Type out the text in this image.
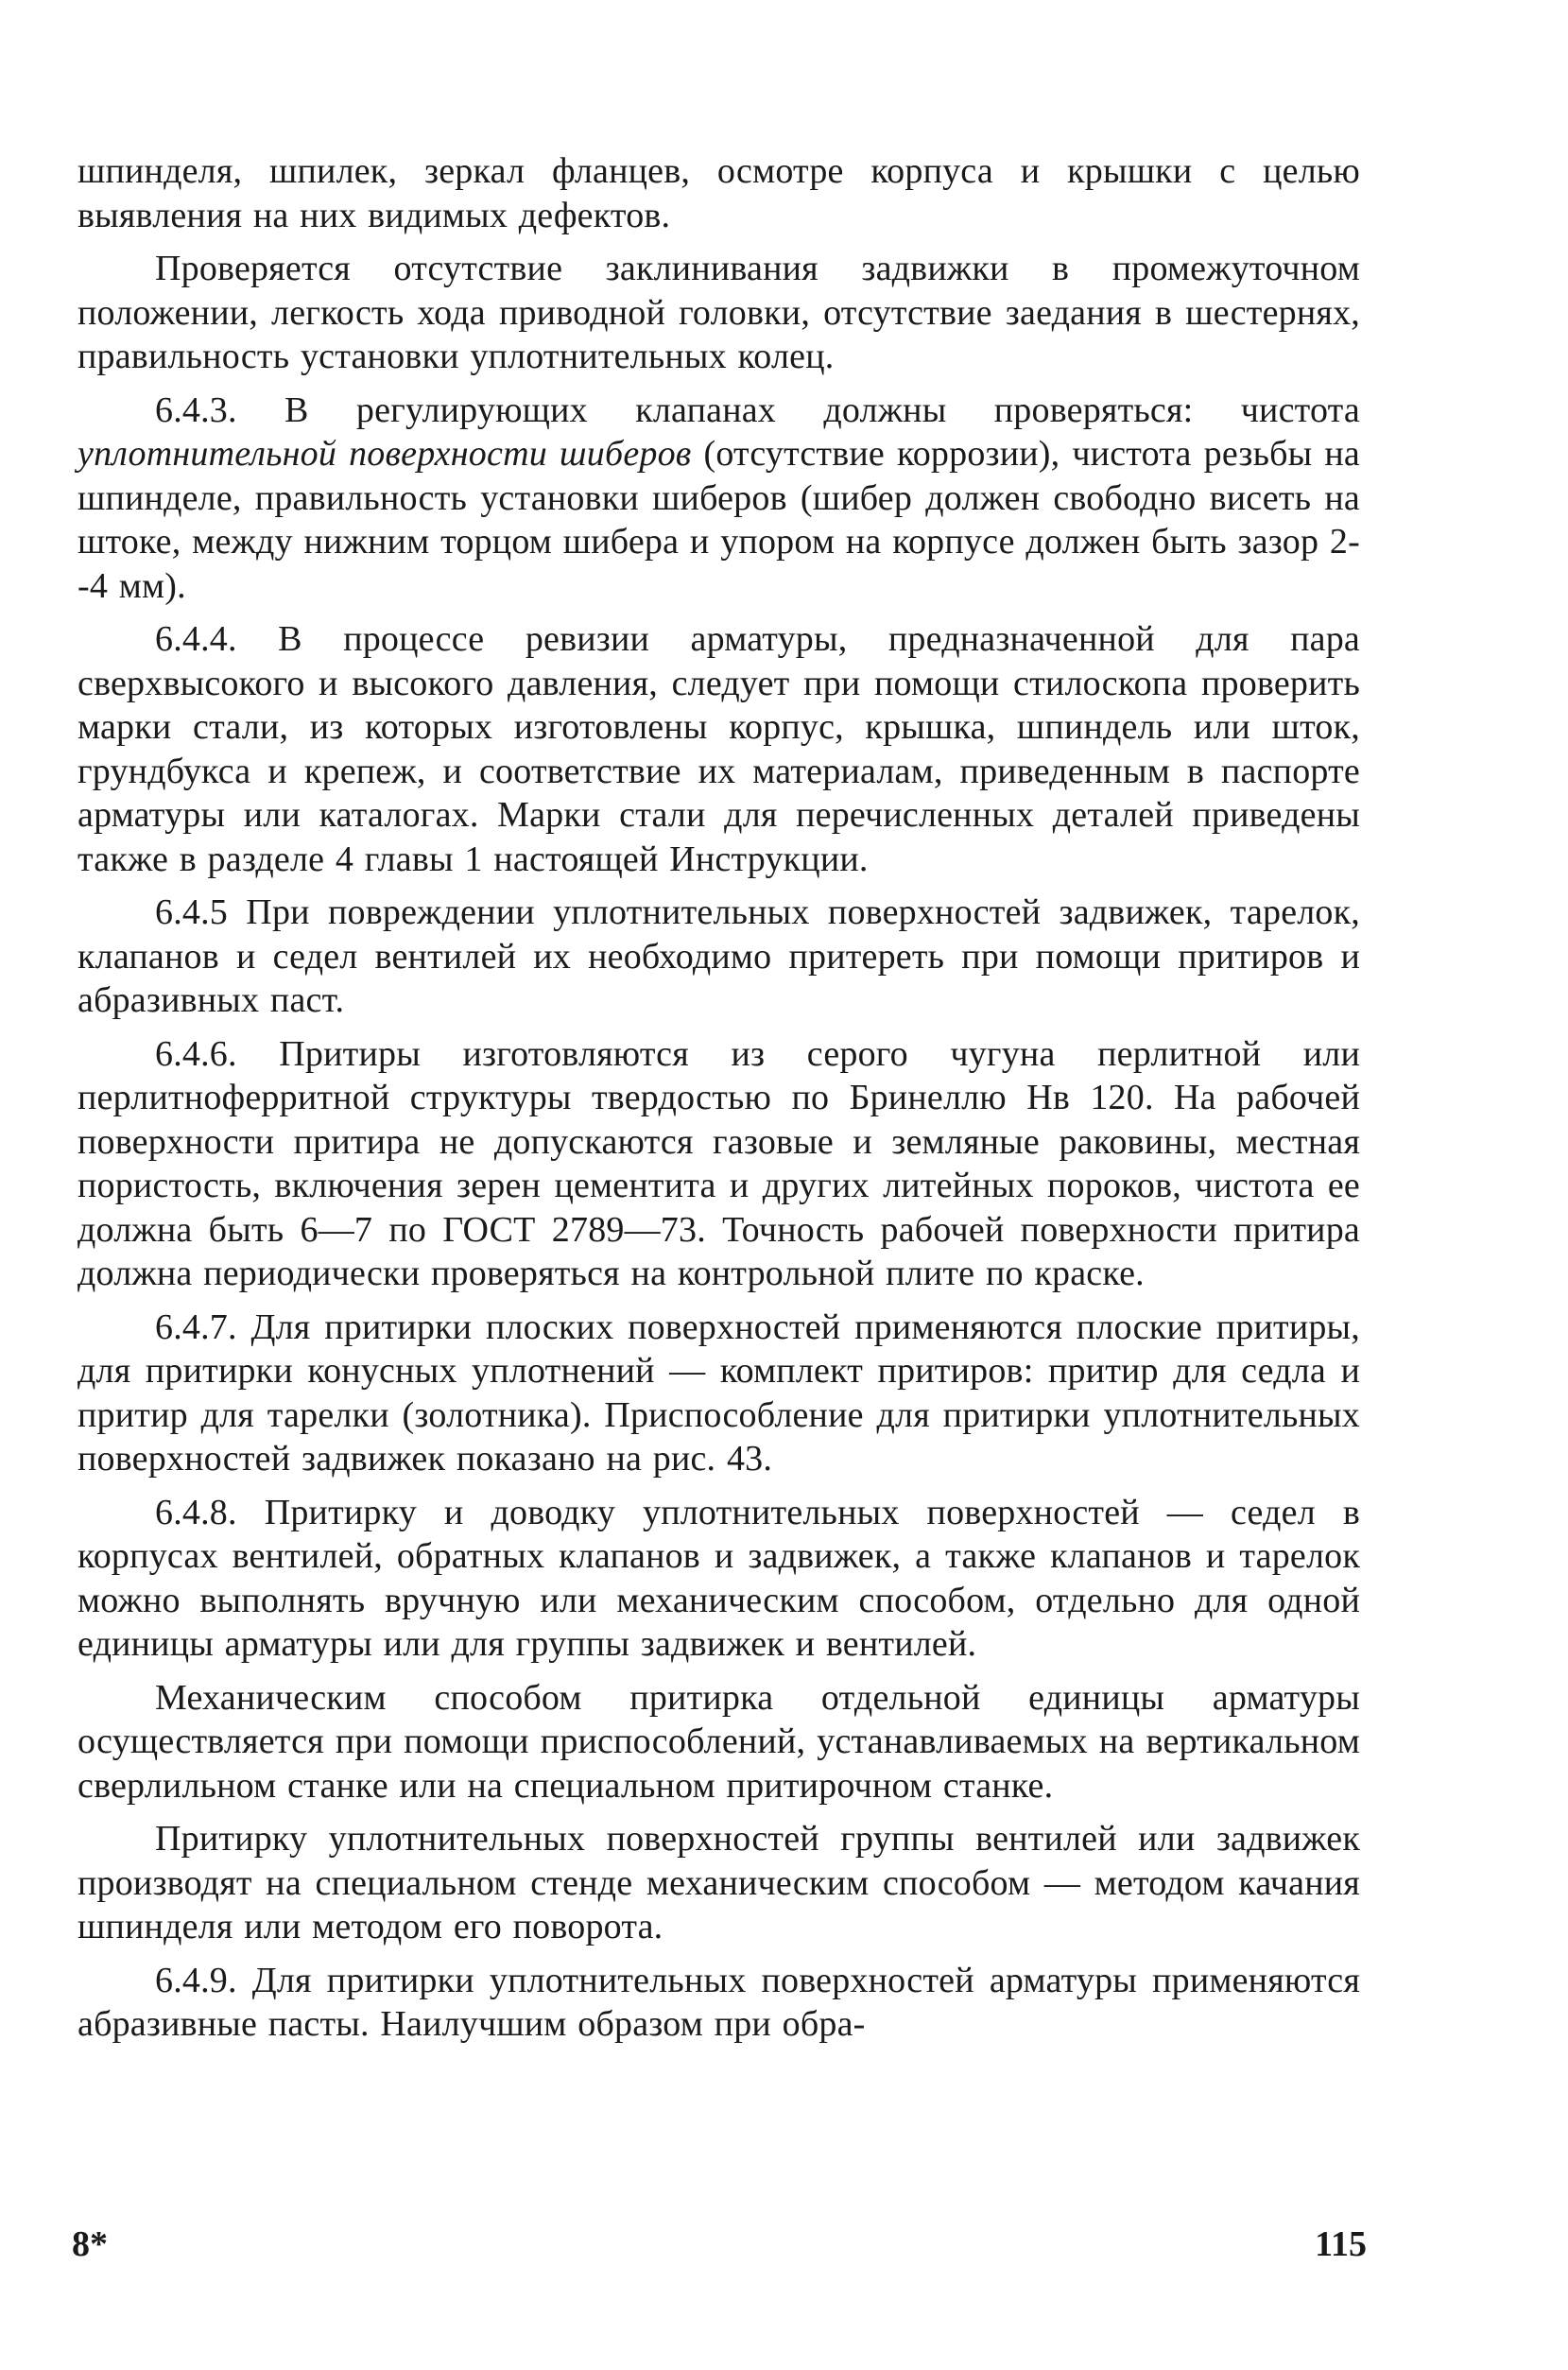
шпинделя, шпилек, зеркал фланцев, осмотре корпуса и крышки с целью выявления на них видимых дефектов.

Проверяется отсутствие заклинивания задвижки в промежуточном положении, легкость хода приводной головки, отсутствие заедания в шестернях, правильность установки уплотнительных колец.

6.4.3. В регулирующих клапанах должны проверяться: чистота уплотнительной поверхности шиберов (отсутствие коррозии), чистота резьбы на шпинделе, правильность установки шиберов (шибер должен свободно висеть на штоке, между нижним торцом шибера и упором на корпусе должен быть зазор 2--4 мм).

6.4.4. В процессе ревизии арматуры, предназначенной для пара сверхвысокого и высокого давления, следует при помощи стилоскопа проверить марки стали, из которых изготовлены корпус, крышка, шпиндель или шток, грундбукса и крепеж, и соответствие их материалам, приведенным в паспорте арматуры или каталогах. Марки стали для перечисленных деталей приведены также в разделе 4 главы 1 настоящей Инструкции.

6.4.5 При повреждении уплотнительных поверхностей задвижек, тарелок, клапанов и седел вентилей их необходимо притереть при помощи притиров и абразивных паст.

6.4.6. Притиры изготовляются из серого чугуна перлитной или перлитноферритной структуры твердостью по Бринеллю Нв 120. На рабочей поверхности притира не допускаются газовые и земляные раковины, местная пористость, включения зерен цементита и других литейных пороков, чистота ее должна быть 6—7 по ГОСТ 2789—73. Точность рабочей поверхности притира должна периодически проверяться на контрольной плите по краске.

6.4.7. Для притирки плоских поверхностей применяются плоские притиры, для притирки конусных уплотнений — комплект притиров: притир для седла и притир для тарелки (золотника). Приспособление для притирки уплотнительных поверхностей задвижек показано на рис. 43.

6.4.8. Притирку и доводку уплотнительных поверхностей — седел в корпусах вентилей, обратных клапанов и задвижек, а также клапанов и тарелок можно выполнять вручную или механическим способом, отдельно для одной единицы арматуры или для группы задвижек и вентилей.

Механическим способом притирка отдельной единицы арматуры осуществляется при помощи приспособлений, устанавливаемых на вертикальном сверлильном станке или на специальном притирочном станке.

Притирку уплотнительных поверхностей группы вентилей или задвижек производят на специальном стенде механическим способом — методом качания шпинделя или методом его поворота.

6.4.9. Для притирки уплотнительных поверхностей арматуры применяются абразивные пасты. Наилучшим образом при обра-

8*	115
